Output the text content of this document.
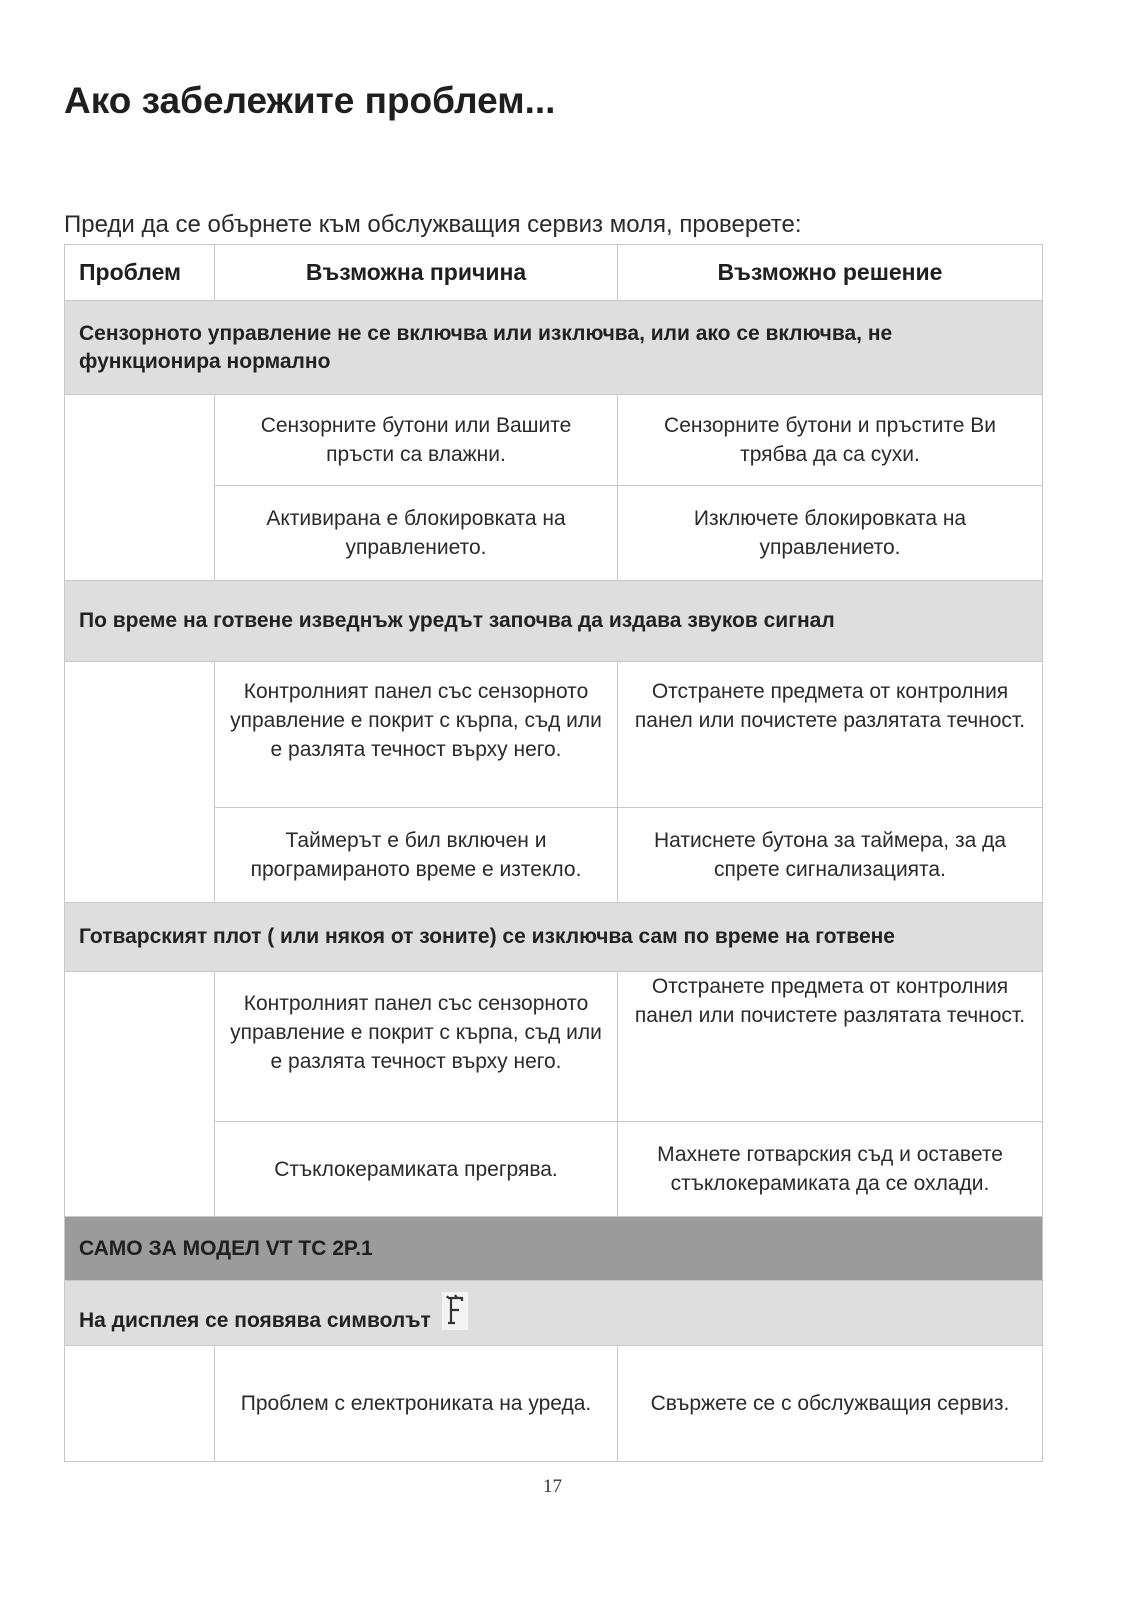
Ако забележите проблем...

Преди да се обърнете към обслужващия сервиз моля, проверете:

Проблем	Възможна причина	Възможно решение
Сензорното управление не се включва или изключва, или ако се включва, не функционира нормално		
	Сензорните бутони или Вашите пръсти са влажни.	Сензорните бутони и пръстите Ви трябва да са сухи.
	Активирана е блокировката на управлението.	Изключете блокировката на управлението.
По време на готвене изведнъж уредът започва да издава звуков сигнал		
	Контролният панел със сензорното управление е покрит с кърпа, съд или е разлята течност върху него.	Отстранете предмета от контролния панел или почистете разлятата течност.
	Таймерът е бил включен и програмираното време е изтекло.	Натиснете бутона за таймера, за да спрете сигнализацията.
Готварският плот ( или някоя от зоните) се изключва сам по време на готвене		
	Контролният панел със сензорното управление е покрит с кърпа, съд или е разлята течност върху него.	Отстранете предмета от контролния панел или почистете разлятата течност.
	Стъклокерамиката прегрява.	Махнете готварския съд и оставете стъклокерамиката да се охлади.
САМО ЗА МОДЕЛ VT TC 2P.1		
На дисплея се появява символът		

	Проблем с електрониката на уреда.	Свържете се с обслужващия сервиз.
17
